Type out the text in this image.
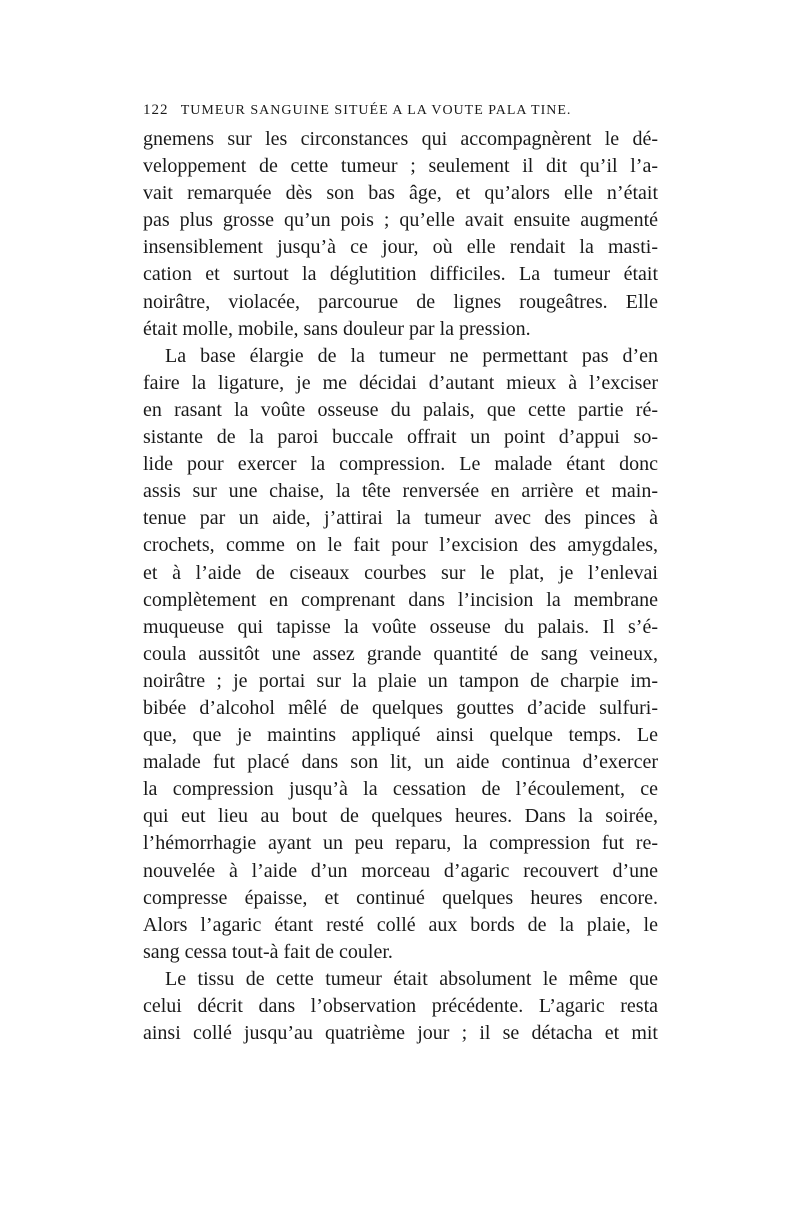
122 TUMEUR SANGUINE SITUÉE A LA VOUTE PALA TINE.
gnemens sur les circonstances qui accompagnèrent le dé-
veloppement de cette tumeur ; seulement il dit qu’il l’a-
vait remarquée dès son bas âge, et qu’alors elle n’était
pas plus grosse qu’un pois ; qu’elle avait ensuite augmenté
insensiblement jusqu’à ce jour, où elle rendait la masti-
cation et surtout la déglutition difficiles. La tumeur était
noirâtre, violacée, parcourue de lignes rougeâtres. Elle
était molle, mobile, sans douleur par la pression.
La base élargie de la tumeur ne permettant pas d’en
faire la ligature, je me décidai d’autant mieux à l’exciser
en rasant la voûte osseuse du palais, que cette partie ré-
sistante de la paroi buccale offrait un point d’appui so-
lide pour exercer la compression. Le malade étant donc
assis sur une chaise, la tête renversée en arrière et main-
tenue par un aide, j’attirai la tumeur avec des pinces à
crochets, comme on le fait pour l’excision des amygdales,
et à l’aide de ciseaux courbes sur le plat, je l’enlevai
complètement en comprenant dans l’incision la membrane
muqueuse qui tapisse la voûte osseuse du palais. Il s’é-
coula aussitôt une assez grande quantité de sang veineux,
noirâtre ; je portai sur la plaie un tampon de charpie im-
bibée d’alcohol mêlé de quelques gouttes d’acide sulfuri-
que, que je maintins appliqué ainsi quelque temps. Le
malade fut placé dans son lit, un aide continua d’exercer
la compression jusqu’à la cessation de l’écoulement, ce
qui eut lieu au bout de quelques heures. Dans la soirée,
l’hémorrhagie ayant un peu reparu, la compression fut re-
nouvelée à l’aide d’un morceau d’agaric recouvert d’une
compresse épaisse, et continué quelques heures encore.
Alors l’agaric étant resté collé aux bords de la plaie, le
sang cessa tout-à fait de couler.
Le tissu de cette tumeur était absolument le même que
celui décrit dans l’observation précédente. L’agaric resta
ainsi collé jusqu’au quatrième jour ; il se détacha et mit
